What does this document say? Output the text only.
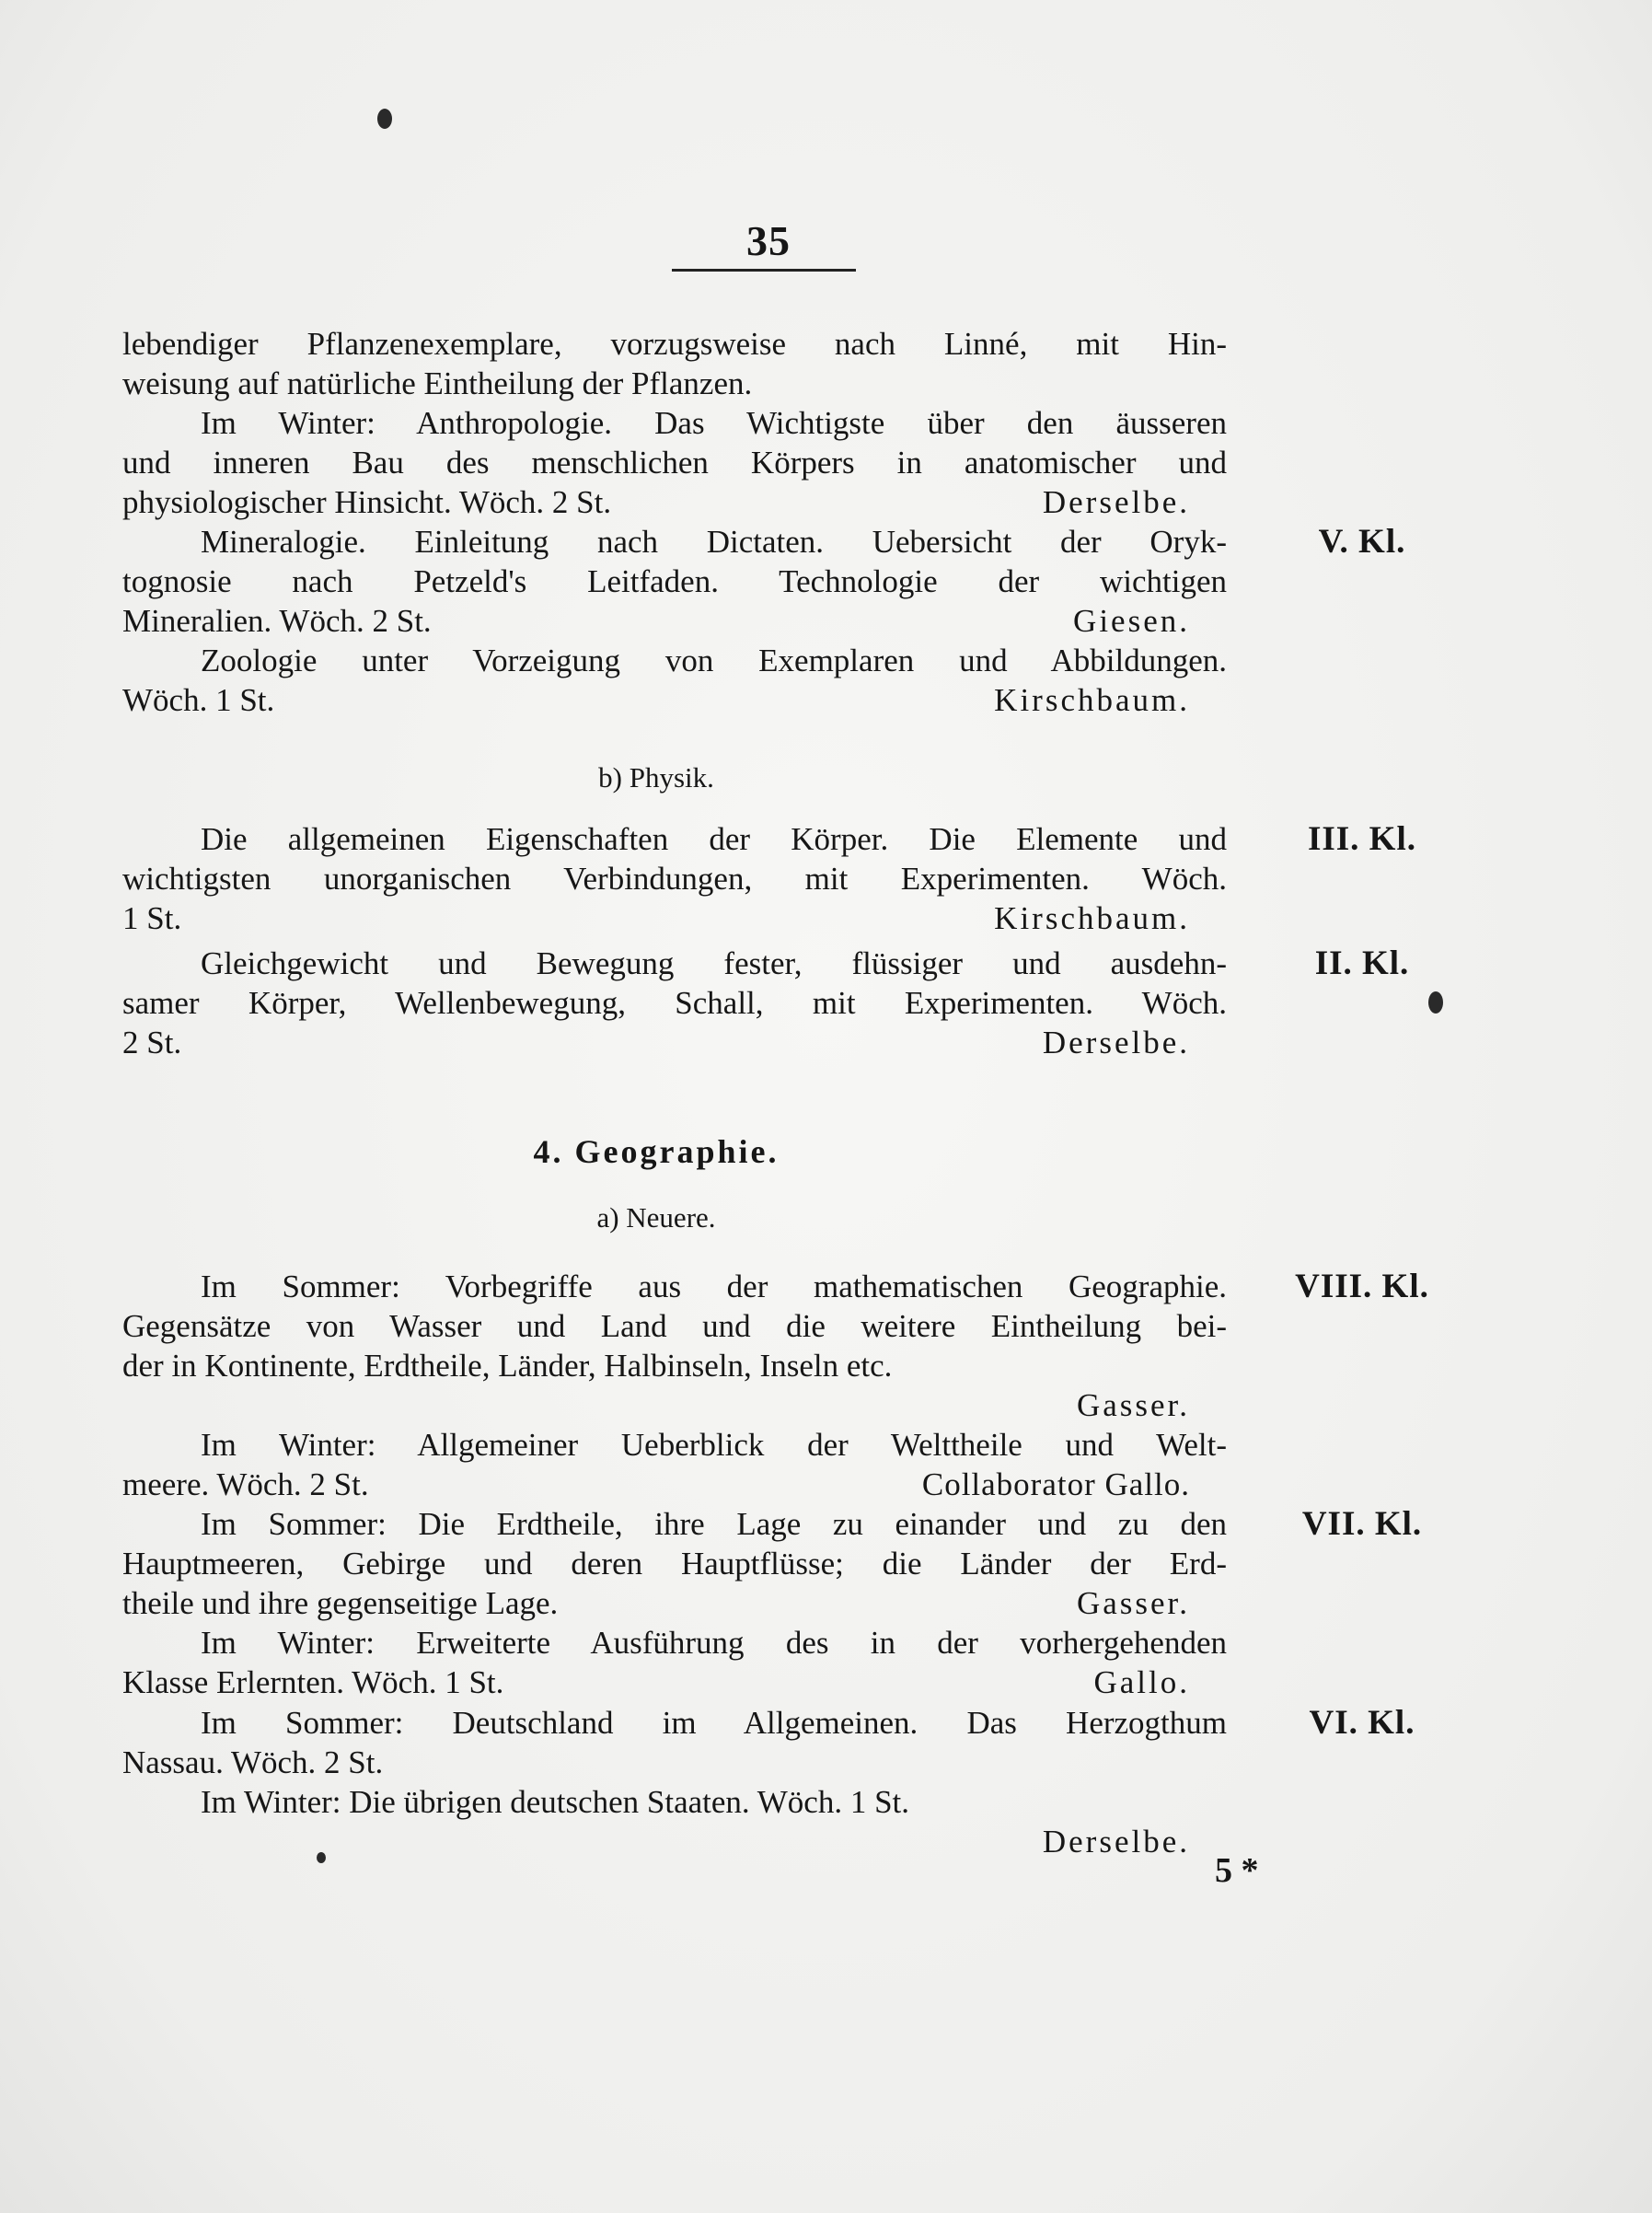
35
lebendiger Pflanzenexemplare, vorzugsweise nach Linné, mit Hin-
weisung auf natürliche Eintheilung der Pflanzen.
Im Winter: Anthropologie. Das Wichtigste über den äusseren
und inneren Bau des menschlichen Körpers in anatomischer und
physiologischer Hinsicht. Wöch. 2 St.	Derselbe.
V. Kl.
Mineralogie. Einleitung nach Dictaten. Uebersicht der Oryk-
tognosie nach Petzeld's Leitfaden. Technologie der wichtigen
Mineralien. Wöch. 2 St.	Giesen.
Zoologie unter Vorzeigung von Exemplaren und Abbildungen.
Wöch. 1 St.	Kirschbaum.
b) Physik.
III. Kl.
Die allgemeinen Eigenschaften der Körper. Die Elemente und
wichtigsten unorganischen Verbindungen, mit Experimenten. Wöch.
1 St.	Kirschbaum.
II. Kl.
Gleichgewicht und Bewegung fester, flüssiger und ausdehn-
samer Körper, Wellenbewegung, Schall, mit Experimenten. Wöch.
2 St.	Derselbe.
4. Geographie.
a) Neuere.
VIII. Kl.
Im Sommer: Vorbegriffe aus der mathematischen Geographie.
Gegensätze von Wasser und Land und die weitere Eintheilung bei-
der in Kontinente, Erdtheile, Länder, Halbinseln, Inseln etc.
Gasser.
Im Winter: Allgemeiner Ueberblick der Welttheile und Welt-
meere. Wöch. 2 St.	Collaborator Gallo.
VII. Kl.
Im Sommer: Die Erdtheile, ihre Lage zu einander und zu den
Hauptmeeren, Gebirge und deren Hauptflüsse; die Länder der Erd-
theile und ihre gegenseitige Lage.	Gasser.
Im Winter: Erweiterte Ausführung des in der vorhergehenden
Klasse Erlernten. Wöch. 1 St.	Gallo.
VI. Kl.
Im Sommer: Deutschland im Allgemeinen. Das Herzogthum
Nassau. Wöch. 2 St.
Im Winter: Die übrigen deutschen Staaten. Wöch. 1 St.
Derselbe.
5 *
